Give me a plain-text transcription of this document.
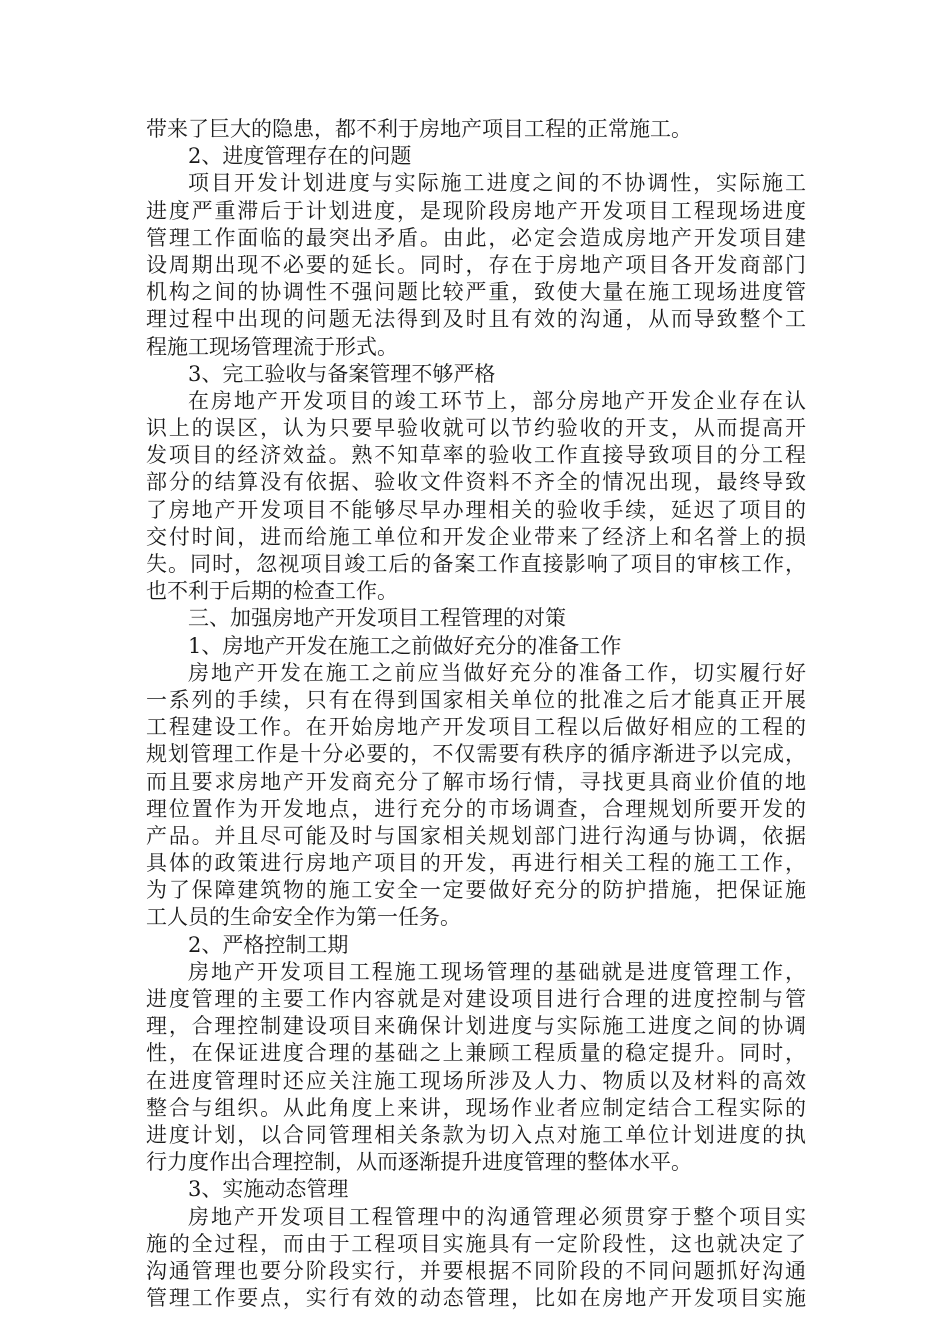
带来了巨大的隐患，都不利于房地产项目工程的正常施工。
2、进度管理存在的问题
项目开发计划进度与实际施工进度之间的不协调性，实际施工
进度严重滞后于计划进度，是现阶段房地产开发项目工程现场进度
管理工作面临的最突出矛盾。由此，必定会造成房地产开发项目建
设周期出现不必要的延长。同时，存在于房地产项目各开发商部门
机构之间的协调性不强问题比较严重，致使大量在施工现场进度管
理过程中出现的问题无法得到及时且有效的沟通，从而导致整个工
程施工现场管理流于形式。
3、完工验收与备案管理不够严格
在房地产开发项目的竣工环节上，部分房地产开发企业存在认
识上的误区，认为只要早验收就可以节约验收的开支，从而提高开
发项目的经济效益。熟不知草率的验收工作直接导致项目的分工程
部分的结算没有依据、验收文件资料不齐全的情况出现，最终导致
了房地产开发项目不能够尽早办理相关的验收手续，延迟了项目的
交付时间，进而给施工单位和开发企业带来了经济上和名誉上的损
失。同时，忽视项目竣工后的备案工作直接影响了项目的审核工作，
也不利于后期的检查工作。
三、加强房地产开发项目工程管理的对策
1、房地产开发在施工之前做好充分的准备工作
房地产开发在施工之前应当做好充分的准备工作，切实履行好
一系列的手续，只有在得到国家相关单位的批准之后才能真正开展
工程建设工作。在开始房地产开发项目工程以后做好相应的工程的
规划管理工作是十分必要的，不仅需要有秩序的循序渐进予以完成，
而且要求房地产开发商充分了解市场行情，寻找更具商业价值的地
理位置作为开发地点，进行充分的市场调查，合理规划所要开发的
产品。并且尽可能及时与国家相关规划部门进行沟通与协调，依据
具体的政策进行房地产项目的开发，再进行相关工程的施工工作，
为了保障建筑物的施工安全一定要做好充分的防护措施，把保证施
工人员的生命安全作为第一任务。
2、严格控制工期
房地产开发项目工程施工现场管理的基础就是进度管理工作，
进度管理的主要工作内容就是对建设项目进行合理的进度控制与管
理，合理控制建设项目来确保计划进度与实际施工进度之间的协调
性，在保证进度合理的基础之上兼顾工程质量的稳定提升。同时，
在进度管理时还应关注施工现场所涉及人力、物质以及材料的高效
整合与组织。从此角度上来讲，现场作业者应制定结合工程实际的
进度计划，以合同管理相关条款为切入点对施工单位计划进度的执
行力度作出合理控制，从而逐渐提升进度管理的整体水平。
3、实施动态管理
房地产开发项目工程管理中的沟通管理必须贯穿于整个项目实
施的全过程，而由于工程项目实施具有一定阶段性，这也就决定了
沟通管理也要分阶段实行，并要根据不同阶段的不同问题抓好沟通
管理工作要点，实行有效的动态管理，比如在房地产开发项目实施
